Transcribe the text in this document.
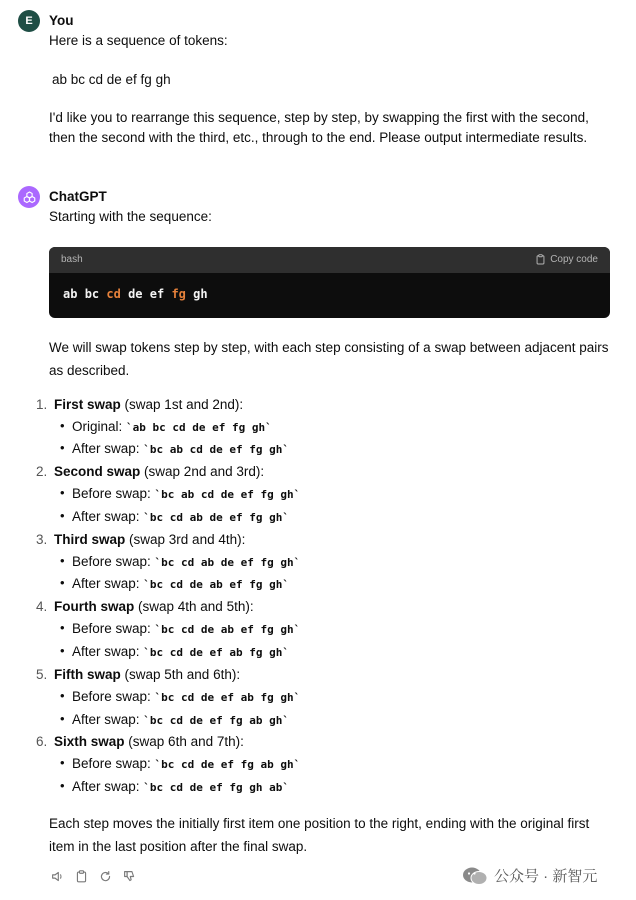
E	You

Here is a sequence of tokens:

ab bc cd de ef fg gh

I'd like you to rearrange this sequence, step by step, by swapping the first with the second, then the second with the third, etc., through to the end. Please output intermediate results.

ChatGPT

Starting with the sequence:

bash	Copy code
ab
bc
cd
de
ef
fg
gh

We will swap tokens step by step, with each step consisting of a swap between adjacent pairs as described.

1. First swap (swap 1st and 2nd):
• Original: `ab bc cd de ef fg gh`
• After swap: `bc ab cd de ef fg gh`
2. Second swap (swap 2nd and 3rd):
• Before swap: `bc ab cd de ef fg gh`
• After swap: `bc cd ab de ef fg gh`
3. Third swap (swap 3rd and 4th):
• Before swap: `bc cd ab de ef fg gh`
• After swap: `bc cd de ab ef fg gh`
4. Fourth swap (swap 4th and 5th):
• Before swap: `bc cd de ab ef fg gh`
• After swap: `bc cd de ef ab fg gh`
5. Fifth swap (swap 5th and 6th):
• Before swap: `bc cd de ef ab fg gh`
• After swap: `bc cd de ef fg ab gh`
6. Sixth swap (swap 6th and 7th):
• Before swap: `bc cd de ef fg ab gh`
• After swap: `bc cd de ef fg gh ab`

Each step moves the initially first item one position to the right, ending with the original first item in the last position after the final swap.

公众号 · 新智元
